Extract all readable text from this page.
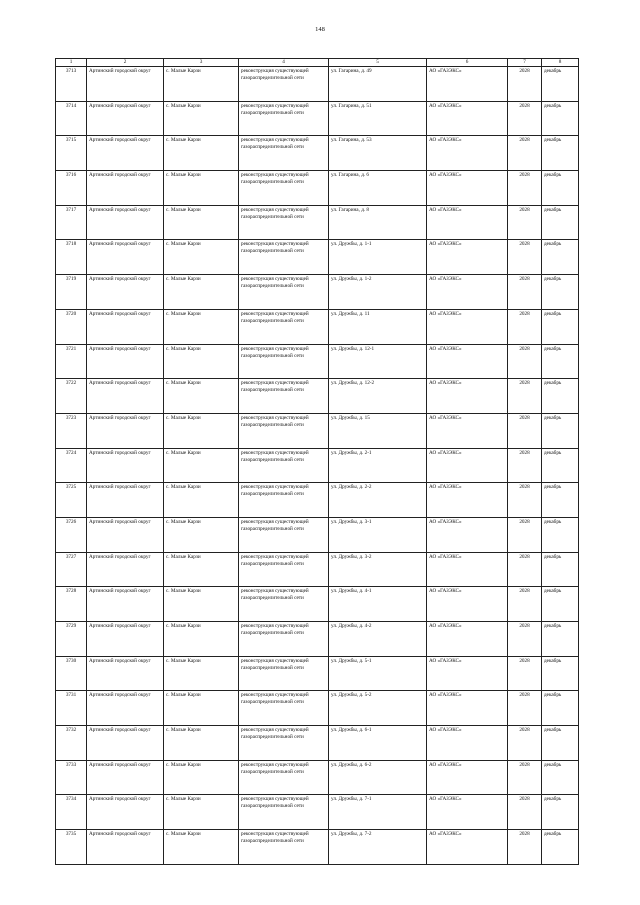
148
1	2	3	4	5	6	7	8
3713	Артинский городской округ	с. Малые Карзи	реконструкция существующей газораспределительной сети	ул. Гагарина, д. 49	АО «ГАЗЭКС»	2028	декабрь
3714	Артинский городской округ	с. Малые Карзи	реконструкция существующей газораспределительной сети	ул. Гагарина, д. 51	АО «ГАЗЭКС»	2028	декабрь
3715	Артинский городской округ	с. Малые Карзи	реконструкция существующей газораспределительной сети	ул. Гагарина, д. 53	АО «ГАЗЭКС»	2028	декабрь
3716	Артинский городской округ	с. Малые Карзи	реконструкция существующей газораспределительной сети	ул. Гагарина, д. 6	АО «ГАЗЭКС»	2028	декабрь
3717	Артинский городской округ	с. Малые Карзи	реконструкция существующей газораспределительной сети	ул. Гагарина, д. 8	АО «ГАЗЭКС»	2028	декабрь
3718	Артинский городской округ	с. Малые Карзи	реконструкция существующей газораспределительной сети	ул. Дружбы, д. 1-1	АО «ГАЗЭКС»	2028	декабрь
3719	Артинский городской округ	с. Малые Карзи	реконструкция существующей газораспределительной сети	ул. Дружбы, д. 1-2	АО «ГАЗЭКС»	2028	декабрь
3720	Артинский городской округ	с. Малые Карзи	реконструкция существующей газораспределительной сети	ул. Дружбы, д. 11	АО «ГАЗЭКС»	2028	декабрь
3721	Артинский городской округ	с. Малые Карзи	реконструкция существующей газораспределительной сети	ул. Дружбы, д. 12-1	АО «ГАЗЭКС»	2028	декабрь
3722	Артинский городской округ	с. Малые Карзи	реконструкция существующей газораспределительной сети	ул. Дружбы, д. 12-2	АО «ГАЗЭКС»	2028	декабрь
3723	Артинский городской округ	с. Малые Карзи	реконструкция существующей газораспределительной сети	ул. Дружбы, д. 15	АО «ГАЗЭКС»	2028	декабрь
3724	Артинский городской округ	с. Малые Карзи	реконструкция существующей газораспределительной сети	ул. Дружбы, д. 2-1	АО «ГАЗЭКС»	2028	декабрь
3725	Артинский городской округ	с. Малые Карзи	реконструкция существующей газораспределительной сети	ул. Дружбы, д. 2-2	АО «ГАЗЭКС»	2028	декабрь
3726	Артинский городской округ	с. Малые Карзи	реконструкция существующей газораспределительной сети	ул. Дружбы, д. 3-1	АО «ГАЗЭКС»	2028	декабрь
3727	Артинский городской округ	с. Малые Карзи	реконструкция существующей газораспределительной сети	ул. Дружбы, д. 3-2	АО «ГАЗЭКС»	2028	декабрь
3728	Артинский городской округ	с. Малые Карзи	реконструкция существующей газораспределительной сети	ул. Дружбы, д. 4-1	АО «ГАЗЭКС»	2028	декабрь
3729	Артинский городской округ	с. Малые Карзи	реконструкция существующей газораспределительной сети	ул. Дружбы, д. 4-2	АО «ГАЗЭКС»	2028	декабрь
3730	Артинский городской округ	с. Малые Карзи	реконструкция существующей газораспределительной сети	ул. Дружбы, д. 5-1	АО «ГАЗЭКС»	2028	декабрь
3731	Артинский городской округ	с. Малые Карзи	реконструкция существующей газораспределительной сети	ул. Дружбы, д. 5-2	АО «ГАЗЭКС»	2028	декабрь
3732	Артинский городской округ	с. Малые Карзи	реконструкция существующей газораспределительной сети	ул. Дружбы, д. 6-1	АО «ГАЗЭКС»	2028	декабрь
3733	Артинский городской округ	с. Малые Карзи	реконструкция существующей газораспределительной сети	ул. Дружбы, д. 6-2	АО «ГАЗЭКС»	2028	декабрь
3734	Артинский городской округ	с. Малые Карзи	реконструкция существующей газораспределительной сети	ул. Дружбы, д. 7-1	АО «ГАЗЭКС»	2028	декабрь
3735	Артинский городской округ	с. Малые Карзи	реконструкция существующей газораспределительной сети	ул. Дружбы, д. 7-2	АО «ГАЗЭКС»	2028	декабрь
